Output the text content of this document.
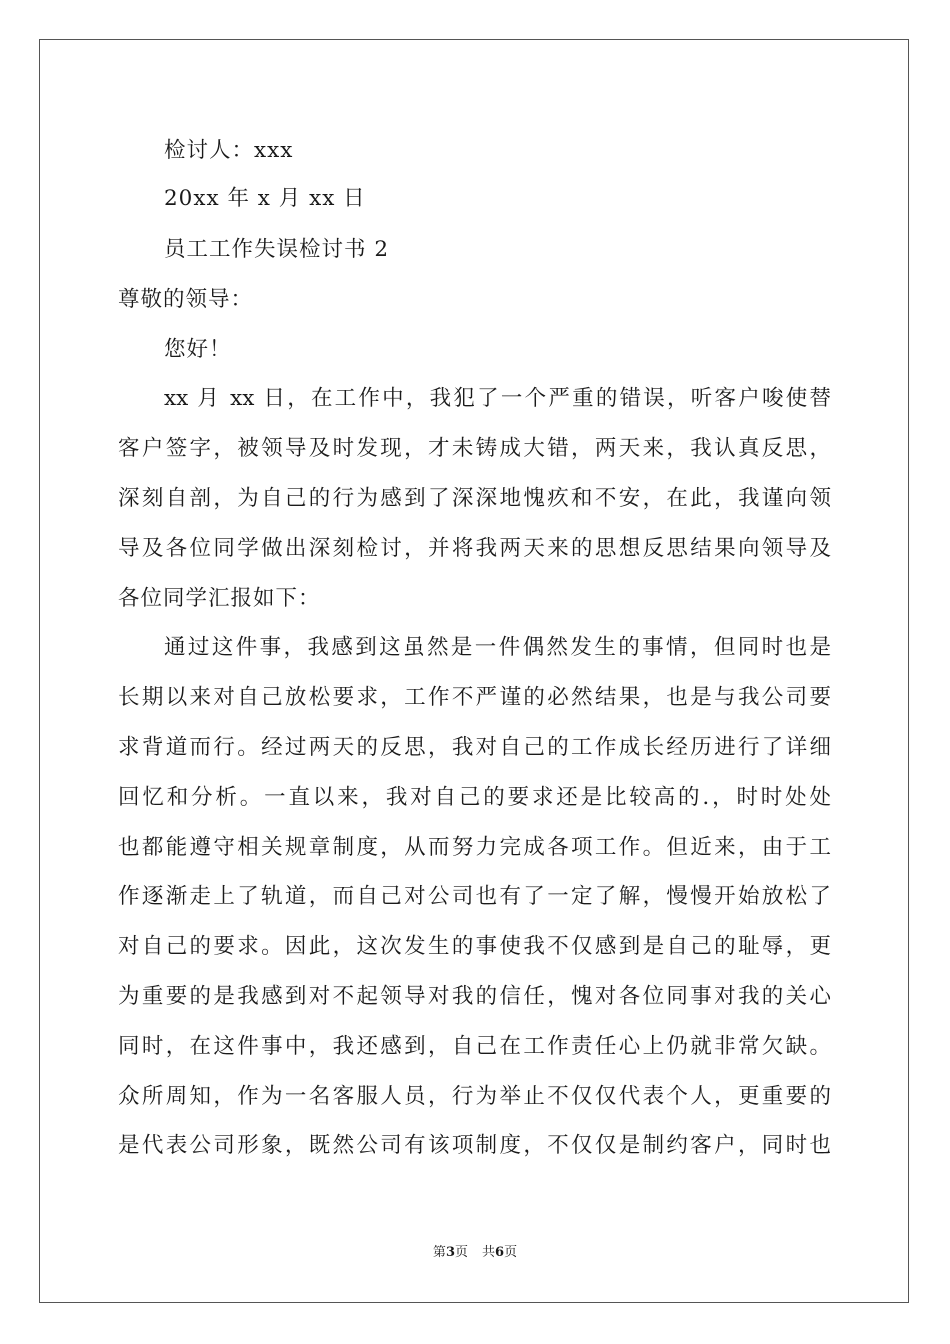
检讨人：xxx
20xx 年 x 月 xx 日
员工工作失误检讨书 2
尊敬的领导：
您好！
xx 月 xx 日，在工作中，我犯了一个严重的错误，听客户唆使替
客户签字，被领导及时发现，才未铸成大错，两天来，我认真反思，
深刻自剖，为自己的行为感到了深深地愧疚和不安，在此，我谨向领
导及各位同学做出深刻检讨，并将我两天来的思想反思结果向领导及
各位同学汇报如下：
通过这件事，我感到这虽然是一件偶然发生的事情，但同时也是
长期以来对自己放松要求，工作不严谨的必然结果，也是与我公司要
求背道而行。经过两天的反思，我对自己的工作成长经历进行了详细
回忆和分析。一直以来，我对自己的要求还是比较高的.，时时处处
也都能遵守相关规章制度，从而努力完成各项工作。但近来，由于工
作逐渐走上了轨道，而自己对公司也有了一定了解，慢慢开始放松了
对自己的要求。因此，这次发生的事使我不仅感到是自己的耻辱，更
为重要的是我感到对不起领导对我的信任，愧对各位同事对我的关心
同时，在这件事中，我还感到，自己在工作责任心上仍就非常欠缺。
众所周知，作为一名客服人员，行为举止不仅仅代表个人，更重要的
是代表公司形象，既然公司有该项制度，不仅仅是制约客户，同时也
第3页 共6页
